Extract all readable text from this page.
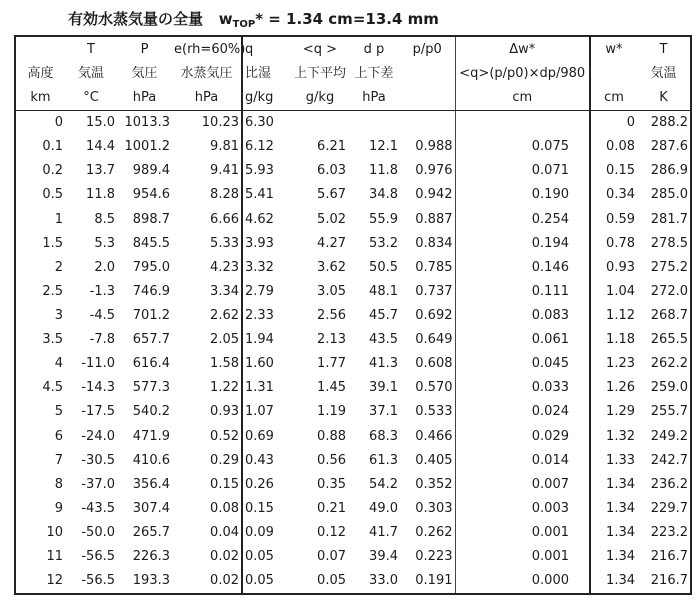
有効水蒸気量の全量 $w_{TOP}* = 1.34$ cm=13.4 mm
	T	P	e(rh=60%)	q	<q >	d p	p/p0	Δw*	w*	T
高度	気温	気圧	水蒸気圧	比湿	上下平均	上下差		<q>(p/p0)×dp/980		気温
km	°C	hPa	hPa	g/kg	g/kg	hPa		cm	cm	K
0	15.0	1013.3	10.23	6.30					0	288.2
0.1	14.4	1001.2	9.81	6.12	6.21	12.1	0.988	0.075	0.08	287.6
0.2	13.7	989.4	9.41	5.93	6.03	11.8	0.976	0.071	0.15	286.9
0.5	11.8	954.6	8.28	5.41	5.67	34.8	0.942	0.190	0.34	285.0
1	8.5	898.7	6.66	4.62	5.02	55.9	0.887	0.254	0.59	281.7
1.5	5.3	845.5	5.33	3.93	4.27	53.2	0.834	0.194	0.78	278.5
2	2.0	795.0	4.23	3.32	3.62	50.5	0.785	0.146	0.93	275.2
2.5	-1.3	746.9	3.34	2.79	3.05	48.1	0.737	0.111	1.04	272.0
3	-4.5	701.2	2.62	2.33	2.56	45.7	0.692	0.083	1.12	268.7
3.5	-7.8	657.7	2.05	1.94	2.13	43.5	0.649	0.061	1.18	265.5
4	-11.0	616.4	1.58	1.60	1.77	41.3	0.608	0.045	1.23	262.2
4.5	-14.3	577.3	1.22	1.31	1.45	39.1	0.570	0.033	1.26	259.0
5	-17.5	540.2	0.93	1.07	1.19	37.1	0.533	0.024	1.29	255.7
6	-24.0	471.9	0.52	0.69	0.88	68.3	0.466	0.029	1.32	249.2
7	-30.5	410.6	0.29	0.43	0.56	61.3	0.405	0.014	1.33	242.7
8	-37.0	356.4	0.15	0.26	0.35	54.2	0.352	0.007	1.34	236.2
9	-43.5	307.4	0.08	0.15	0.21	49.0	0.303	0.003	1.34	229.7
10	-50.0	265.7	0.04	0.09	0.12	41.7	0.262	0.001	1.34	223.2
11	-56.5	226.3	0.02	0.05	0.07	39.4	0.223	0.001	1.34	216.7
12	-56.5	193.3	0.02	0.05	0.05	33.0	0.191	0.000	1.34	216.7
